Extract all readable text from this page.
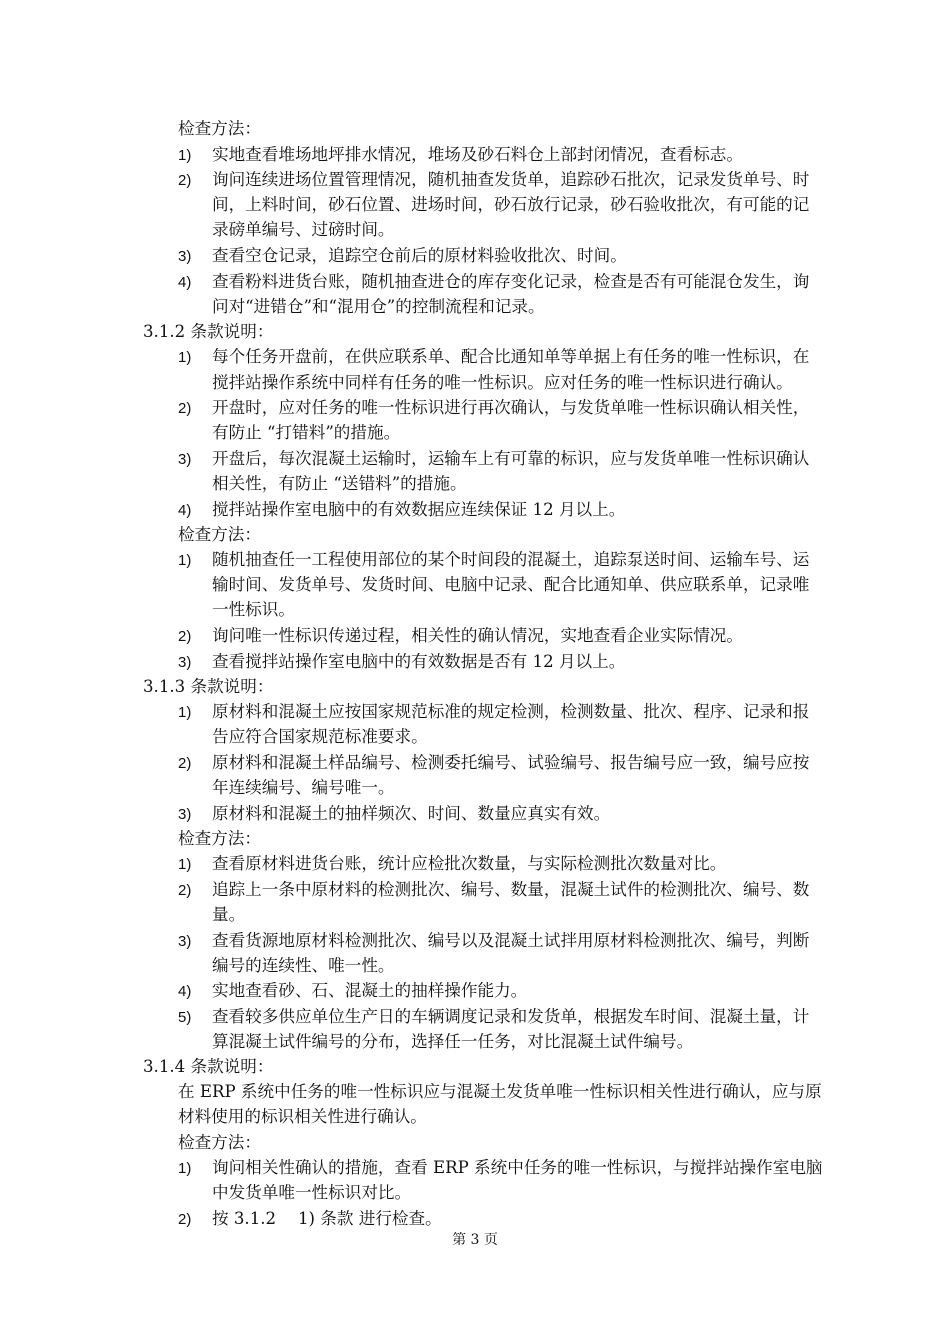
检查方法：
1) 实地查看堆场地坪排水情况，堆场及砂石料仓上部封闭情况，查看标志。
2) 询问连续进场位置管理情况，随机抽查发货单，追踪砂石批次，记录发货单号、时
间，上料时间，砂石位置、进场时间，砂石放行记录，砂石验收批次，有可能的记
录磅单编号、过磅时间。
3) 查看空仓记录，追踪空仓前后的原材料验收批次、时间。
4) 查看粉料进货台账，随机抽查进仓的库存变化记录，检查是否有可能混仓发生，询
问对“进错仓”和“混用仓”的控制流程和记录。
3.1.2 条款说明：
1) 每个任务开盘前，在供应联系单、配合比通知单等单据上有任务的唯一性标识，在
搅拌站操作系统中同样有任务的唯一性标识。应对任务的唯一性标识进行确认。
2) 开盘时，应对任务的唯一性标识进行再次确认，与发货单唯一性标识确认相关性，
有防止 “打错料”的措施。
3) 开盘后，每次混凝土运输时，运输车上有可靠的标识，应与发货单唯一性标识确认
相关性，有防止 “送错料”的措施。
4) 搅拌站操作室电脑中的有效数据应连续保证 12 月以上。
检查方法：
1) 随机抽查任一工程使用部位的某个时间段的混凝土，追踪泵送时间、运输车号、运
输时间、发货单号、发货时间、电脑中记录、配合比通知单、供应联系单，记录唯
一性标识。
2) 询问唯一性标识传递过程，相关性的确认情况，实地查看企业实际情况。
3) 查看搅拌站操作室电脑中的有效数据是否有 12 月以上。
3.1.3 条款说明：
1) 原材料和混凝土应按国家规范标准的规定检测，检测数量、批次、程序、记录和报
告应符合国家规范标准要求。
2) 原材料和混凝土样品编号、检测委托编号、试验编号、报告编号应一致，编号应按
年连续编号、编号唯一。
3) 原材料和混凝土的抽样频次、时间、数量应真实有效。
检查方法：
1) 查看原材料进货台账，统计应检批次数量，与实际检测批次数量对比。
2) 追踪上一条中原材料的检测批次、编号、数量，混凝土试件的检测批次、编号、数
量。
3) 查看货源地原材料检测批次、编号以及混凝土试拌用原材料检测批次、编号，判断
编号的连续性、唯一性。
4) 实地查看砂、石、混凝土的抽样操作能力。
5) 查看较多供应单位生产日的车辆调度记录和发货单，根据发车时间、混凝土量，计
算混凝土试件编号的分布，选择任一任务，对比混凝土试件编号。
3.1.4 条款说明：
在 ERP 系统中任务的唯一性标识应与混凝土发货单唯一性标识相关性进行确认，应与原
材料使用的标识相关性进行确认。
检查方法：
1) 询问相关性确认的措施，查看 ERP 系统中任务的唯一性标识，与搅拌站操作室电脑
中发货单唯一性标识对比。
2) 按 3.1.2　 1) 条款 进行检查。
第 3 页
